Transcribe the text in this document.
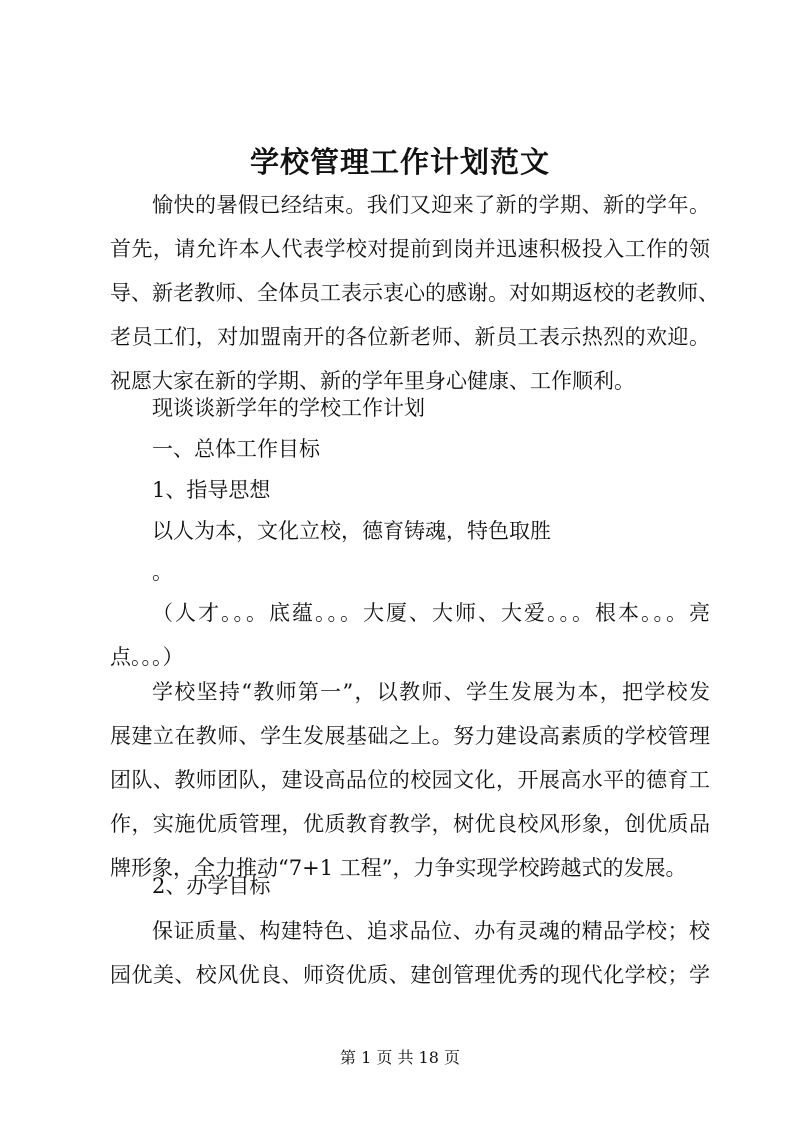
学校管理工作计划范文
愉快的暑假已经结束。我们又迎来了新的学期、新的学年。
首先，请允许本人代表学校对提前到岗并迅速积极投入工作的领
导、新老教师、全体员工表示衷心的感谢。对如期返校的老教师、
老员工们，对加盟南开的各位新老师、新员工表示热烈的欢迎。
祝愿大家在新的学期、新的学年里身心健康、工作顺利。
现谈谈新学年的学校工作计划
一、总体工作目标
1、指导思想
以人为本，文化立校，德育铸魂，特色取胜
。
（人才。。。底蕴。。。大厦、大师、大爱。。。根本。。。亮
点。。。）
学校坚持“教师第一”，以教师、学生发展为本，把学校发
展建立在教师、学生发展基础之上。努力建设高素质的学校管理
团队、教师团队，建设高品位的校园文化，开展高水平的德育工
作，实施优质管理，优质教育教学，树优良校风形象，创优质品
牌形象，全力推动“7+1 工程”，力争实现学校跨越式的发展。
2、办学目标
保证质量、构建特色、追求品位、办有灵魂的精品学校；校
园优美、校风优良、师资优质、建创管理优秀的现代化学校；学
第 1 页 共 18 页
